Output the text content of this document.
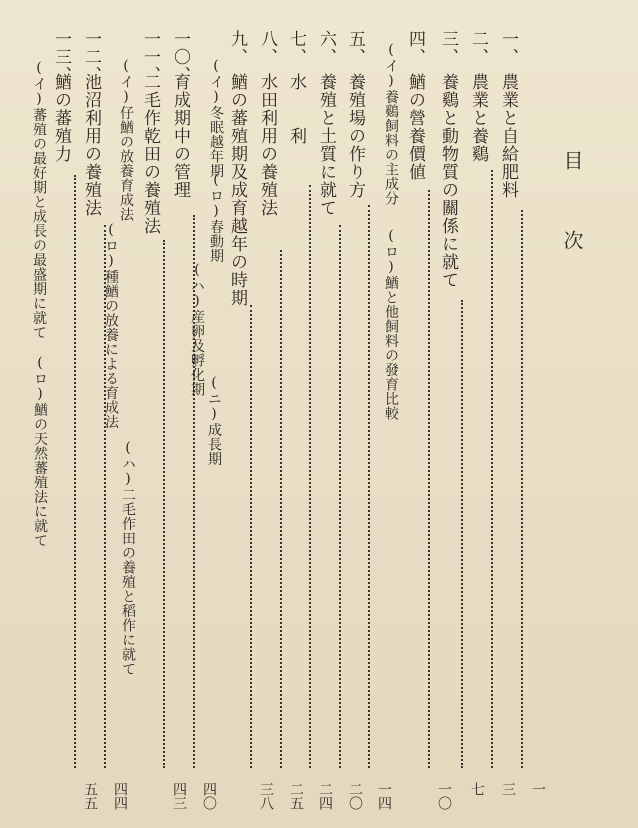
目次
一、
農業と自給肥料
二、
農業と養鷄
三、
養鷄と動物質の關係に就て
四、
鰌の營養價値
五、
養殖場の作り方
六、
養殖と土質に就て
七、
水　　利
八、
水田利用の養殖法
九、
鰌の蕃殖期及成育越年の時期
一〇、
育成期中の管理
一一、
二毛作乾田の養殖法
一二、
池沼利用の養殖法
一三、
鰌の蕃殖力	(イ)養鷄飼料の主成分
(ロ)鰌と他飼料の發育比較
(イ)冬眠越年期
(ロ)春動期
(ハ)産卵及孵化期
(ニ)成長期
(イ)仔鰌の放養育成法
(ロ)種鰌の放養による育成法
(ハ)二毛作田の養殖と稻作に就て
(イ)蕃殖の最好期と成長の最盛期に就て
(ロ)鰌の天然蕃殖法に就て
一
三
七
一〇
一四
二〇
二四
二五
三八
四〇
四三
四四
五五
